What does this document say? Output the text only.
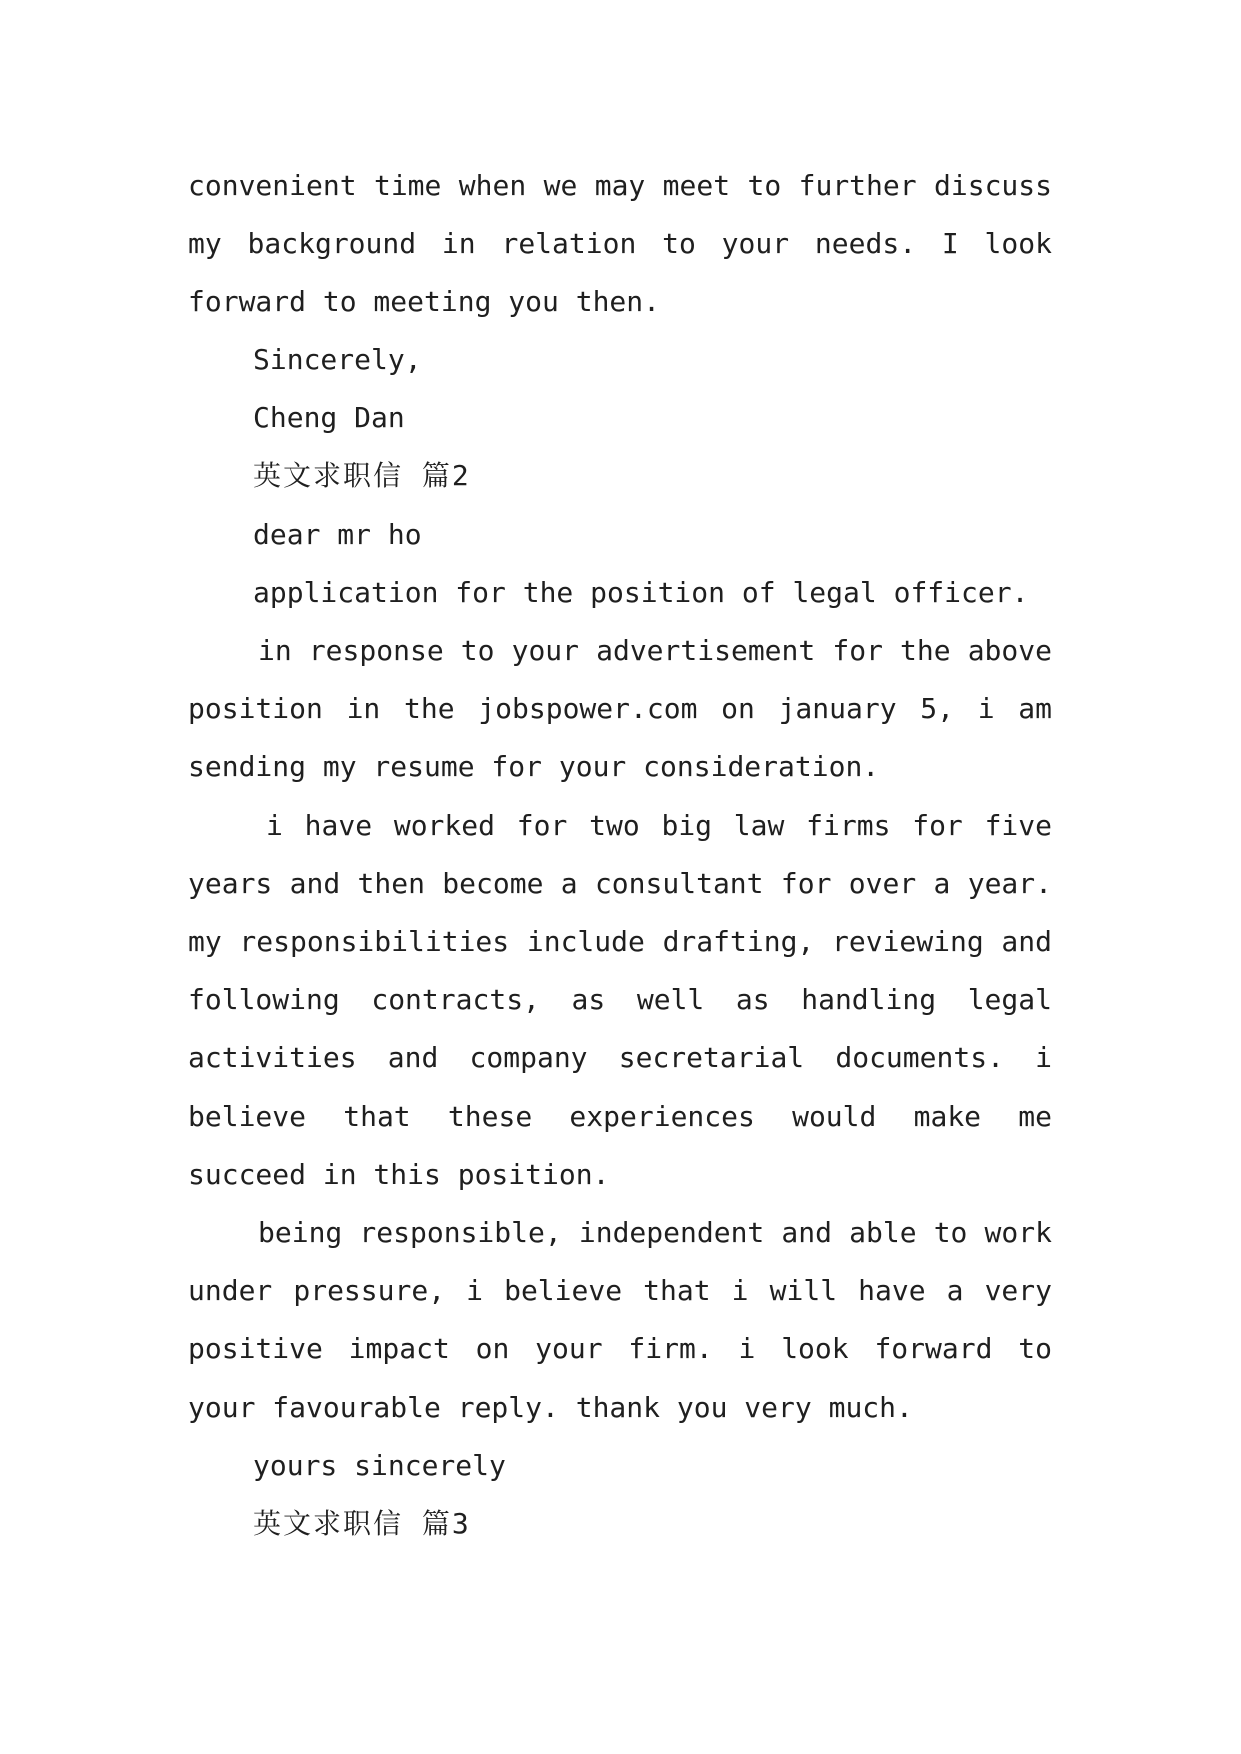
convenient time when we may meet to further discuss
my background in relation to your needs. I look
forward to meeting you then.
Sincerely,
Cheng Dan
英文求职信 篇2
dear mr ho
application for the position of legal officer.
in response to your advertisement for the above
position in the jobspower.com on january 5, i am
sending my resume for your consideration.
i have worked for two big law firms for five
years and then become a consultant for over a year.
my responsibilities include drafting, reviewing and
following contracts, as well as handling legal
activities and company secretarial documents. i
believe that these experiences would make me
succeed in this position.
being responsible, independent and able to work
under pressure, i believe that i will have a very
positive impact on your firm. i look forward to
your favourable reply. thank you very much.
yours sincerely
英文求职信 篇3
